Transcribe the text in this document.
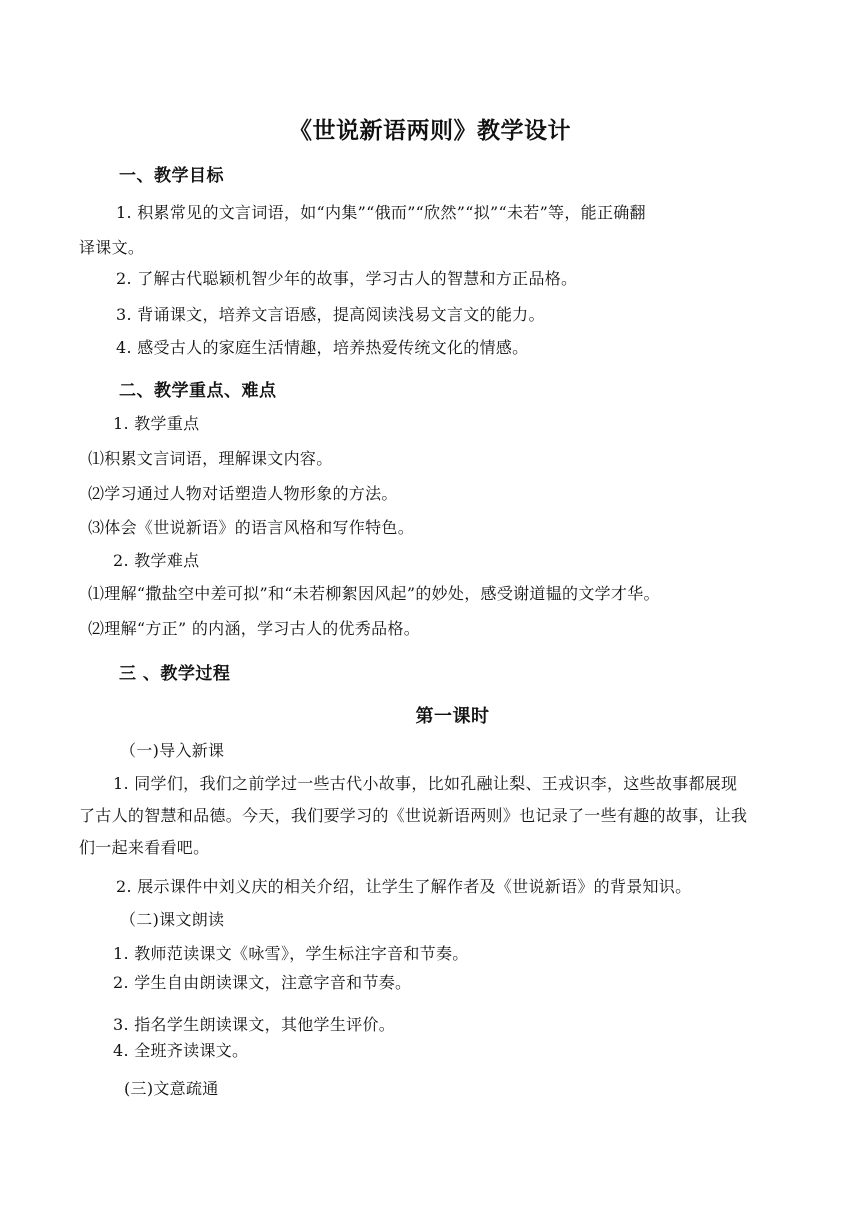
《世说新语两则》教学设计
一、教学目标
1. 积累常见的文言词语，如“内集”“俄而”“欣然”“拟”“未若”等，能正确翻
译课文。
2. 了解古代聪颖机智少年的故事，学习古人的智慧和方正品格。
3. 背诵课文，培养文言语感，提高阅读浅易文言文的能力。
4. 感受古人的家庭生活情趣，培养热爱传统文化的情感。
二、教学重点、难点
1. 教学重点
⑴积累文言词语，理解课文内容。
⑵学习通过人物对话塑造人物形象的方法。
⑶体会《世说新语》的语言风格和写作特色。
2. 教学难点
⑴理解“撒盐空中差可拟”和“未若柳絮因风起”的妙处，感受谢道韫的文学才华。
⑵理解“方正” 的内涵，学习古人的优秀品格。
三 、教学过程
第一课时
（一)导入新课
1. 同学们，我们之前学过一些古代小故事，比如孔融让梨、王戎识李，这些故事都展现
了古人的智慧和品德。今天，我们要学习的《世说新语两则》也记录了一些有趣的故事，让我
们一起来看看吧。
2. 展示课件中刘义庆的相关介绍，让学生了解作者及《世说新语》的背景知识。
（二)课文朗读
1. 教师范读课文《咏雪》，学生标注字音和节奏。
2. 学生自由朗读课文，注意字音和节奏。
3. 指名学生朗读课文，其他学生评价。
4. 全班齐读课文。
(三)文意疏通
